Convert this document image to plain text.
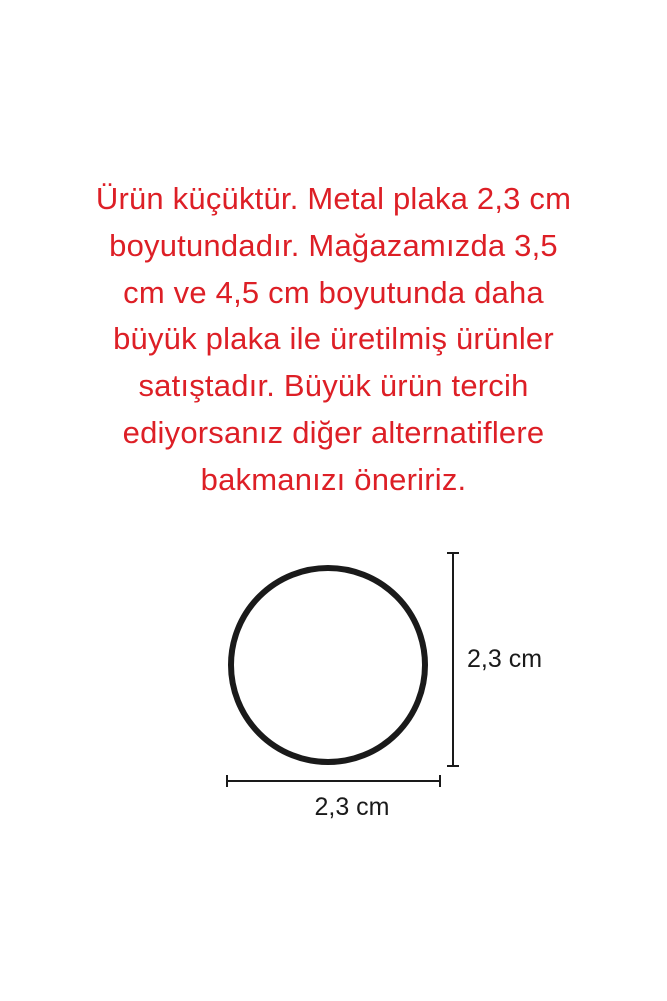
Ürün küçüktür. Metal plaka 2,3 cm
boyutundadır. Mağazamızda 3,5
cm ve 4,5 cm boyutunda daha
büyük plaka ile üretilmiş ürünler
satıştadır. Büyük ürün tercih
ediyorsanız diğer alternatiflere
bakmanızı öneririz.
2,3 cm
2,3 cm
